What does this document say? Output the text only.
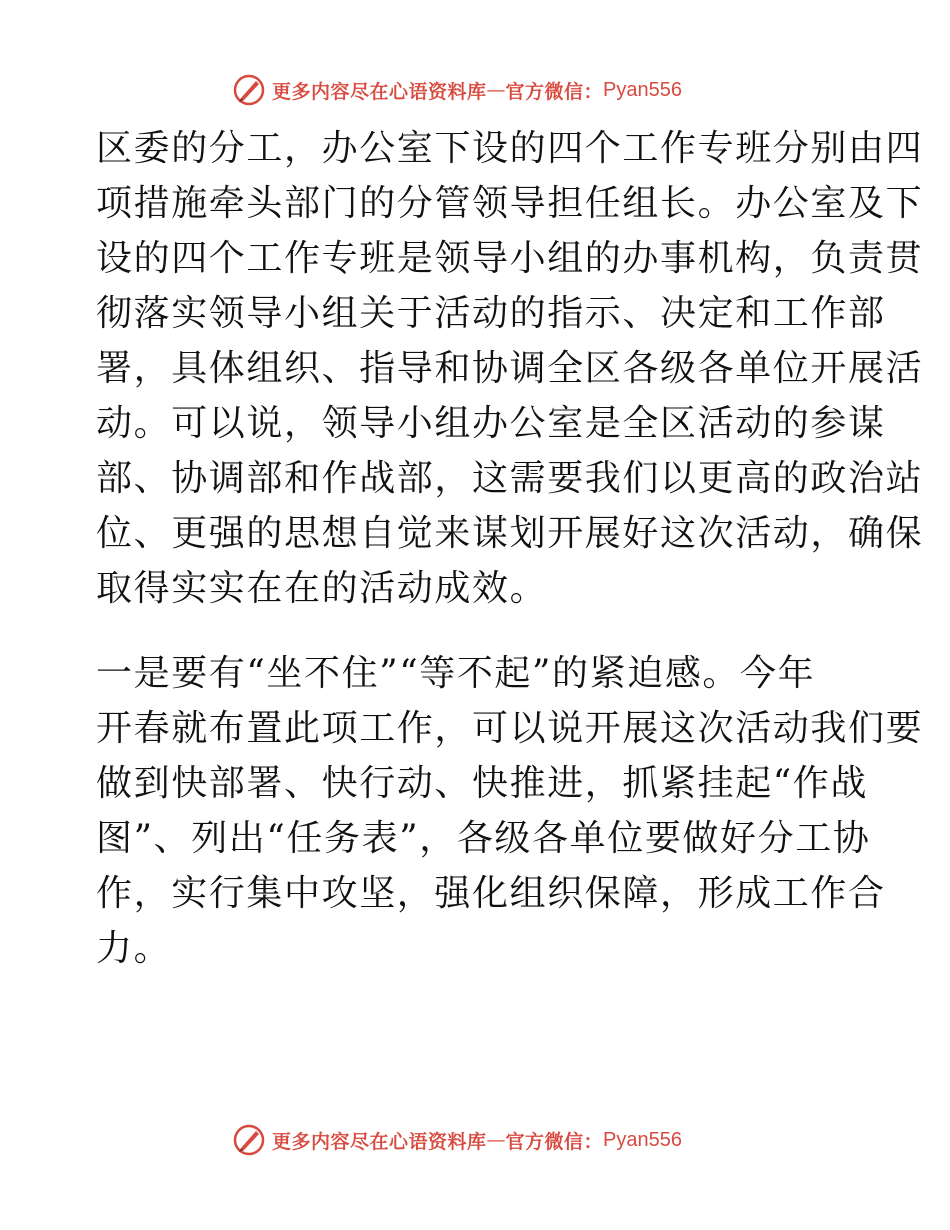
更多内容尽在心语资料库 — 官方微信： Pyan556
区委的分工，办公室下设的四个工作专班分别由四
项措施牵头部门的分管领导担任组长。办公室及下
设的四个工作专班是领导小组的办事机构，负责贯
彻落实领导小组关于活动的指示、决定和工作部
署，具体组织、指导和协调全区各级各单位开展活
动。可以说，领导小组办公室是全区活动的参谋
部、协调部和作战部，这需要我们以更高的政治站
位、更强的思想自觉来谋划开展好这次活动，确保
取得实实在在的活动成效。
一是要有“坐不住”“等不起”的紧迫感。今年
开春就布置此项工作，可以说开展这次活动我们要
做到快部署、快行动、快推进，抓紧挂起“作战
图”、列出“任务表”，各级各单位要做好分工协
作，实行集中攻坚，强化组织保障，形成工作合
力。
更多内容尽在心语资料库 — 官方微信： Pyan556
